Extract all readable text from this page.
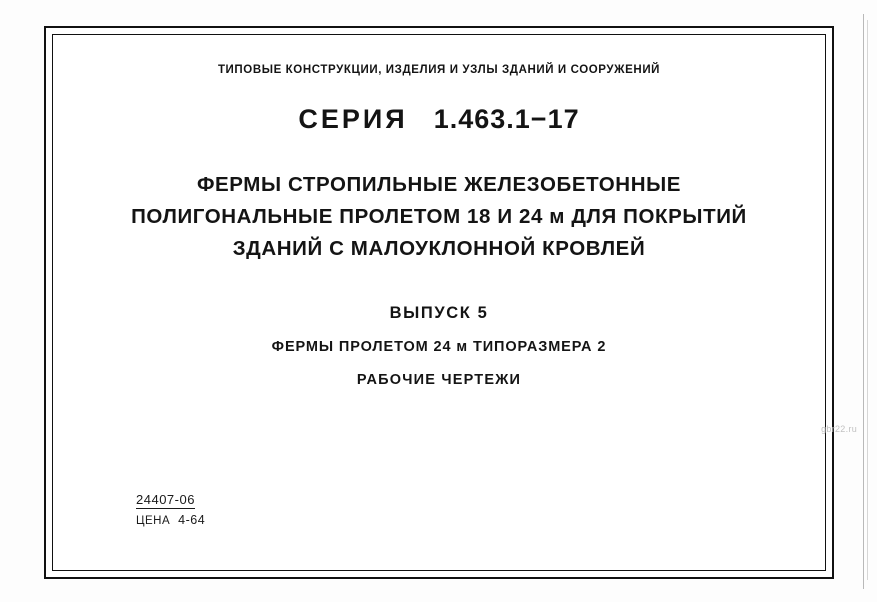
ТИПОВЫЕ КОНСТРУКЦИИ, ИЗДЕЛИЯ И УЗЛЫ ЗДАНИЙ И СООРУЖЕНИЙ
СЕРИЯ 1.463.1−17
ФЕРМЫ СТРОПИЛЬНЫЕ ЖЕЛЕЗОБЕТОННЫЕ
ПОЛИГОНАЛЬНЫЕ ПРОЛЕТОМ 18 И 24 м ДЛЯ ПОКРЫТИЙ
ЗДАНИЙ С МАЛОУКЛОННОЙ КРОВЛЕЙ
ВЫПУСК 5
ФЕРМЫ ПРОЛЕТОМ 24 м ТИПОРАЗМЕРА 2
РАБОЧИЕ ЧЕРТЕЖИ
24407-06
ЦЕНА 4-64
gbr22.ru
